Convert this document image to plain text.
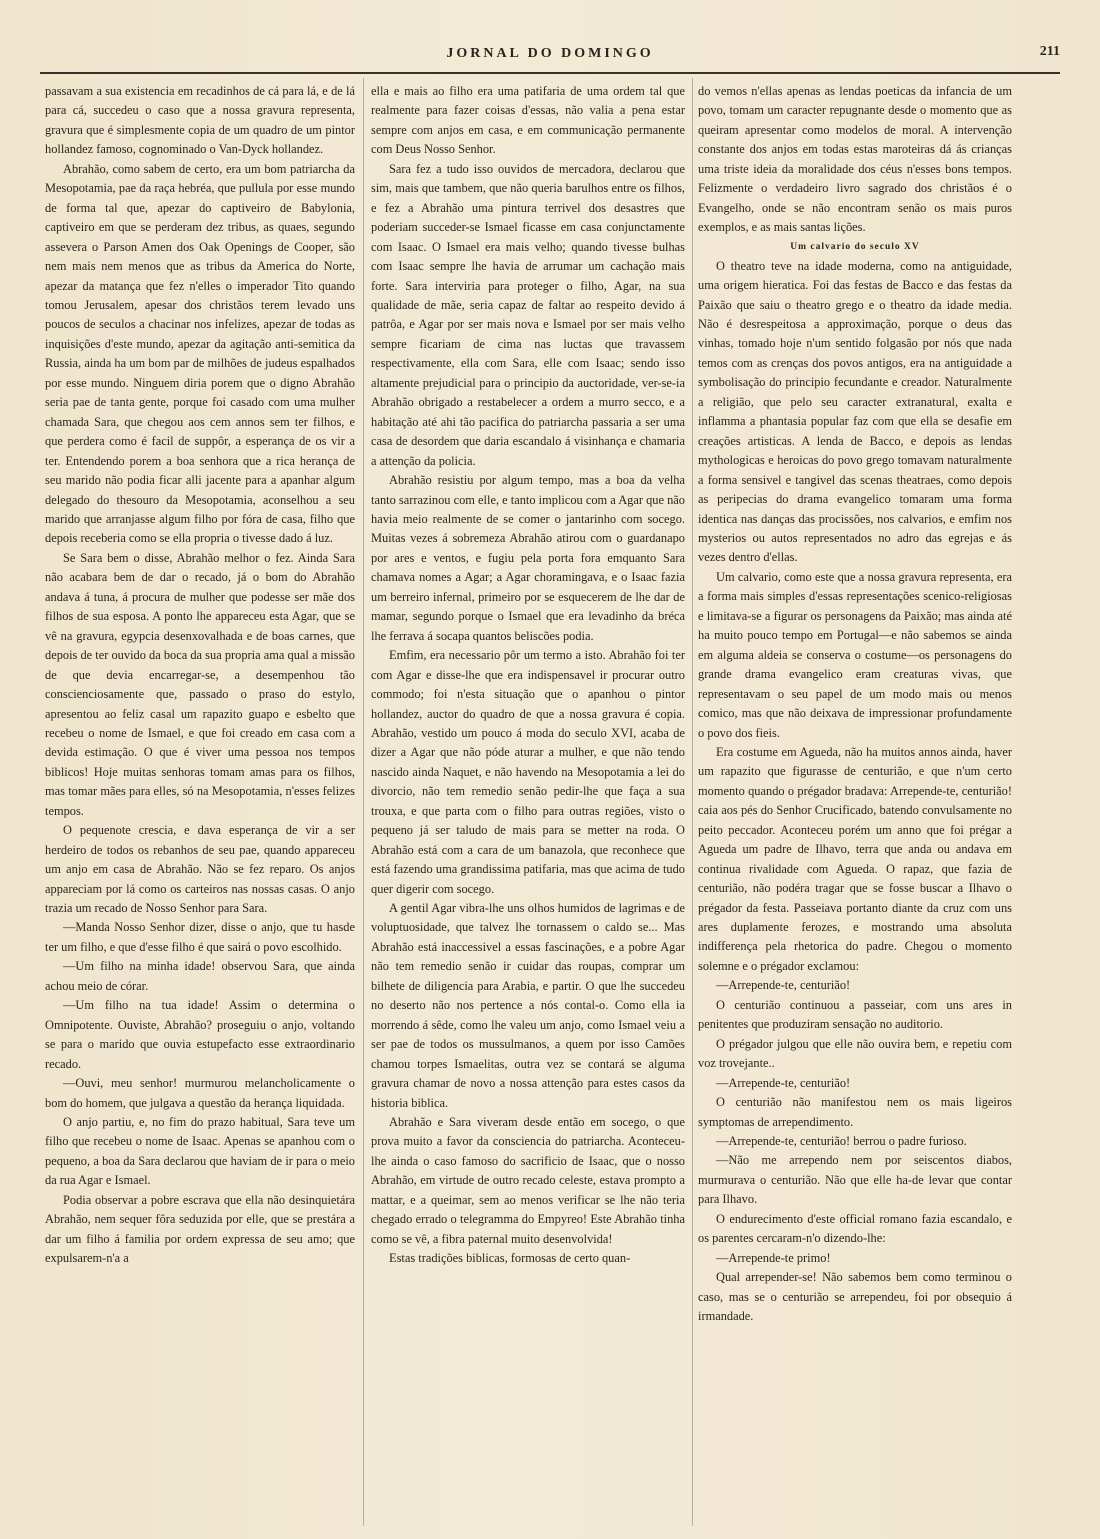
JORNAL DO DOMINGO	211

passavam a sua existencia em recadinhos de cá para lá, e de lá para cá, succedeu o caso que a nossa gravura representa, gravura que é simplesmente copia de um quadro de um pintor hollandez famoso, cognominado o Van-Dyck hollandez.

Abrahão, como sabem de certo, era um bom patriarcha da Mesopotamia, pae da raça hebréa, que pullula por esse mundo de forma tal que, apezar do captiveiro de Babylonia, captiveiro em que se perderam dez tribus, as quaes, segundo assevera o Parson Amen dos Oak Openings de Cooper, são nem mais nem menos que as tribus da America do Norte, apezar da matança que fez n'elles o imperador Tito quando tomou Jerusalem, apesar dos christãos terem levado uns poucos de seculos a chacinar nos infelizes, apezar de todas as inquisições d'este mundo, apezar da agitação anti-semitica da Russia, ainda ha um bom par de milhões de judeus espalhados por esse mundo. Ninguem diria porem que o digno Abrahão seria pae de tanta gente, porque foi casado com uma mulher chamada Sara, que chegou aos cem annos sem ter filhos, e que perdera como é facil de suppôr, a esperança de os vir a ter. Entendendo porem a boa senhora que a rica herança de seu marido não podia ficar alli jacente para a apanhar algum delegado do thesouro da Mesopotamia, aconselhou a seu marido que arranjasse algum filho por fóra de casa, filho que depois receberia como se ella propria o tivesse dado á luz.

Se Sara bem o disse, Abrahão melhor o fez. Ainda Sara não acabara bem de dar o recado, já o bom do Abrahão andava á tuna, á procura de mulher que podesse ser mãe dos filhos de sua esposa. A ponto lhe appareceu esta Agar, que se vê na gravura, egypcia desenxovalhada e de boas carnes, que depois de ter ouvido da boca da sua propria ama qual a missão de que devia encarregar-se, a desempenhou tão conscienciosamente que, passado o praso do estylo, apresentou ao feliz casal um rapazito guapo e esbelto que recebeu o nome de Ismael, e que foi creado em casa com a devida estimação. O que é viver uma pessoa nos tempos biblicos! Hoje muitas senhoras tomam amas para os filhos, mas tomar mães para elles, só na Mesopotamia, n'esses felizes tempos.

O pequenote crescia, e dava esperança de vir a ser herdeiro de todos os rebanhos de seu pae, quando appareceu um anjo em casa de Abrahão. Não se fez reparo. Os anjos appareciam por lá como os carteiros nas nossas casas. O anjo trazia um recado de Nosso Senhor para Sara.

—Manda Nosso Senhor dizer, disse o anjo, que tu hasde ter um filho, e que d'esse filho é que sairá o povo escolhido.

—Um filho na minha idade! observou Sara, que ainda achou meio de córar.

—Um filho na tua idade! Assim o determina o Omnipotente. Ouviste, Abrahão? proseguiu o anjo, voltando se para o marido que ouvia estupefacto esse extraordinario recado.

—Ouvi, meu senhor! murmurou melancholicamente o bom do homem, que julgava a questão da herança liquidada.

O anjo partiu, e, no fim do prazo habitual, Sara teve um filho que recebeu o nome de Isaac. Apenas se apanhou com o pequeno, a boa da Sara declarou que haviam de ir para o meio da rua Agar e Ismael.

Podia observar a pobre escrava que ella não desinquietára Abrahão, nem sequer fôra seduzida por elle, que se prestára a dar um filho á familia por ordem expressa de seu amo; que expulsarem-n'a a

ella e mais ao filho era uma patifaria de uma ordem tal que realmente para fazer coisas d'essas, não valia a pena estar sempre com anjos em casa, e em communicação permanente com Deus Nosso Senhor.

Sara fez a tudo isso ouvidos de mercadora, declarou que sim, mais que tambem, que não queria barulhos entre os filhos, e fez a Abrahão uma pintura terrivel dos desastres que poderiam succeder-se Ismael ficasse em casa conjunctamente com Isaac. O Ismael era mais velho; quando tivesse bulhas com Isaac sempre lhe havia de arrumar um cachação mais forte. Sara interviria para proteger o filho, Agar, na sua qualidade de mãe, seria capaz de faltar ao respeito devido á patrôa, e Agar por ser mais nova e Ismael por ser mais velho sempre ficariam de cima nas luctas que travassem respectivamente, ella com Sara, elle com Isaac; sendo isso altamente prejudicial para o principio da auctoridade, ver-se-ia Abrahão obrigado a restabelecer a ordem a murro secco, e a habitação até ahi tão pacifica do patriarcha passaria a ser uma casa de desordem que daria escandalo á visinhança e chamaria a attenção da policia.

Abrahão resistiu por algum tempo, mas a boa da velha tanto sarrazinou com elle, e tanto implicou com a Agar que não havia meio realmente de se comer o jantarinho com socego. Muitas vezes á sobremeza Abrahão atirou com o guardanapo por ares e ventos, e fugiu pela porta fora emquanto Sara chamava nomes a Agar; a Agar choramingava, e o Isaac fazia um berreiro infernal, primeiro por se esquecerem de lhe dar de mamar, segundo porque o Ismael que era levadinho da bréca lhe ferrava á socapa quantos beliscões podia.

Emfim, era necessario pôr um termo a isto. Abrahão foi ter com Agar e disse-lhe que era indispensavel ir procurar outro commodo; foi n'esta situação que o apanhou o pintor hollandez, auctor do quadro de que a nossa gravura é copia. Abrahão, vestido um pouco á moda do seculo XVI, acaba de dizer a Agar que não póde aturar a mulher, e que não tendo nascido ainda Naquet, e não havendo na Mesopotamia a lei do divorcio, não tem remedio senão pedir-lhe que faça a sua trouxa, e que parta com o filho para outras regiões, visto o pequeno já ser taludo de mais para se metter na roda. O Abrahão está com a cara de um banazola, que reconhece que está fazendo uma grandissima patifaria, mas que acima de tudo quer digerir com socego.

A gentil Agar vibra-lhe uns olhos humidos de lagrimas e de voluptuosidade, que talvez lhe tornassem o caldo se... Mas Abrahão está inaccessivel a essas fascinações, e a pobre Agar não tem remedio senão ir cuidar das roupas, comprar um bilhete de diligencia para Arabia, e partir. O que lhe succedeu no deserto não nos pertence a nós contal-o. Como ella ia morrendo á sêde, como lhe valeu um anjo, como Ismael veiu a ser pae de todos os mussulmanos, a quem por isso Camões chamou torpes Ismaelitas, outra vez se contará se alguma gravura chamar de novo a nossa attenção para estes casos da historia biblica.

Abrahão e Sara viveram desde então em socego, o que prova muito a favor da consciencia do patriarcha. Aconteceu-lhe ainda o caso famoso do sacrificio de Isaac, que o nosso Abrahão, em virtude de outro recado celeste, estava prompto a mattar, e a queimar, sem ao menos verificar se lhe não teria chegado errado o telegramma do Empyreo! Este Abrahão tinha como se vê, a fibra paternal muito desenvolvida!

Estas tradições biblicas, formosas de certo quan-

do vemos n'ellas apenas as lendas poeticas da infancia de um povo, tomam um caracter repugnante desde o momento que as queiram apresentar como modelos de moral. A intervenção constante dos anjos em todas estas maroteiras dá ás crianças uma triste ideia da moralidade dos céus n'esses bons tempos. Felizmente o verdadeiro livro sagrado dos christãos é o Evangelho, onde se não encontram senão os mais puros exemplos, e as mais santas lições.

Um calvario do seculo XV

O theatro teve na idade moderna, como na antiguidade, uma origem hieratica. Foi das festas de Bacco e das festas da Paixão que saiu o theatro grego e o theatro da idade media. Não é desrespeitosa a approximação, porque o deus das vinhas, tomado hoje n'um sentido folgasão por nós que nada temos com as crenças dos povos antigos, era na antiguidade a symbolisação do principio fecundante e creador. Naturalmente a religião, que pelo seu caracter extranatural, exalta e inflamma a phantasia popular faz com que ella se desafie em creações artisticas. A lenda de Bacco, e depois as lendas mythologicas e heroicas do povo grego tomavam naturalmente a forma sensivel e tangivel das scenas theatraes, como depois as peripecias do drama evangelico tomaram uma forma identica nas danças das procissões, nos calvarios, e emfim nos mysterios ou autos representados no adro das egrejas e ás vezes dentro d'ellas.

Um calvario, como este que a nossa gravura representa, era a forma mais simples d'essas representações scenico-religiosas e limitava-se a figurar os personagens da Paixão; mas ainda até ha muito pouco tempo em Portugal—e não sabemos se ainda em alguma aldeia se conserva o costume—os personagens do grande drama evangelico eram creaturas vivas, que representavam o seu papel de um modo mais ou menos comico, mas que não deixava de impressionar profundamente o povo dos fieis.

Era costume em Agueda, não ha muitos annos ainda, haver um rapazito que figurasse de centurião, e que n'um certo momento quando o prégador bradava: Arrepende-te, centurião! caia aos pés do Senhor Crucificado, batendo convulsamente no peito peccador. Aconteceu porém um anno que foi prégar a Agueda um padre de Ilhavo, terra que anda ou andava em continua rivalidade com Agueda. O rapaz, que fazia de centurião, não podéra tragar que se fosse buscar a Ilhavo o prégador da festa. Passeiava portanto diante da cruz com uns ares duplamente ferozes, e mostrando uma absoluta indifferença pela rhetorica do padre. Chegou o momento solemne e o prégador exclamou:

—Arrepende-te, centurião!

O centurião continuou a passeiar, com uns ares in penitentes que produziram sensação no auditorio.

O prégador julgou que elle não ouvira bem, e repetiu com voz trovejante..

—Arrepende-te, centurião!

O centurião não manifestou nem os mais ligeiros symptomas de arrependimento.

—Arrepende-te, centurião! berrou o padre furioso.

—Não me arrependo nem por seiscentos diabos, murmurava o centurião. Não que elle ha-de levar que contar para Ilhavo.

O endurecimento d'este official romano fazia escandalo, e os parentes cercaram-n'o dizendo-lhe:

—Arrepende-te primo!

Qual arrepender-se! Não sabemos bem como terminou o caso, mas se o centurião se arrependeu, foi por obsequio á irmandade.
